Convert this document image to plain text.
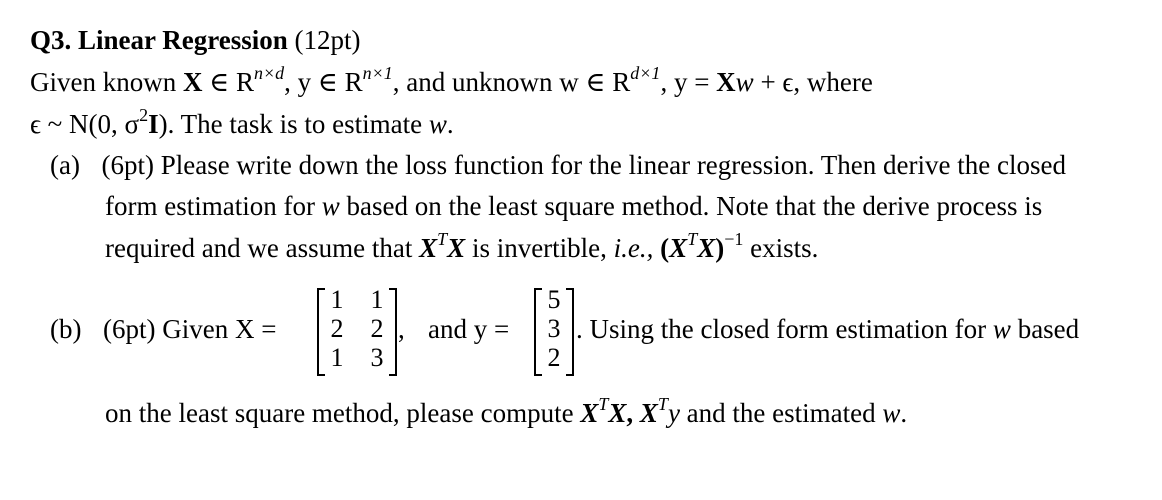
Q3. Linear Regression (12pt)
Given known X ∈ $R^{n\times d}$, y ∈ $R^{n\times 1}$, and unknown w ∈ $R^{d\times 1}$, y = Xw + ϵ, where
ϵ ~ N(0, $\sigma^2I$). The task is to estimate w.
(a) (6pt) Please write down the loss function for the linear regression. Then derive the closed
form estimation for w based on the least square method. Note that the derive process is
required and we assume that $X^TX$ is invertible, i.e., $(X^TX)^{-1}$ exists.
(b) (6pt) Given X =
1 1
2 2
1 3
, and y =
5
3
2
. Using the closed form estimation for w based
on the least square method, please compute $X^TX$, $X^Ty$ and the estimated w.
